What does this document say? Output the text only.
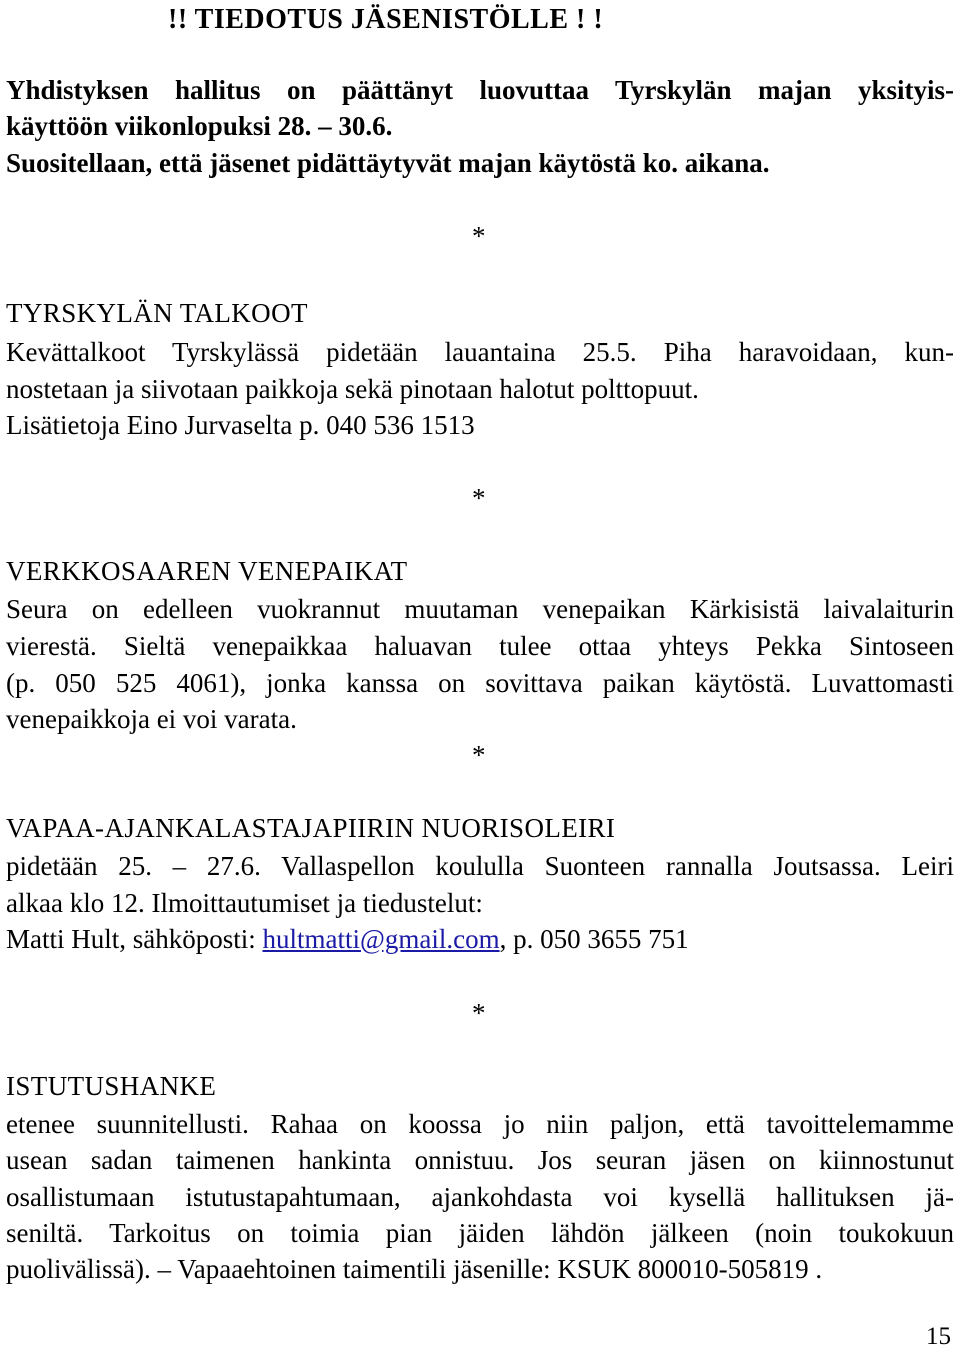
!! TIEDOTUS JÄSENISTÖLLE ! !
Yhdistyksen hallitus on päättänyt luovuttaa Tyrskylän majan yksityis-
käyttöön viikonlopuksi 28. – 30.6.
Suositellaan, että jäsenet pidättäytyvät majan käytöstä ko. aikana.
*
TYRSKYLÄN TALKOOT
Kevättalkoot Tyrskylässä pidetään lauantaina 25.5. Piha haravoidaan, kun-
nostetaan ja siivotaan paikkoja sekä pinotaan halotut polttopuut.
Lisätietoja Eino Jurvaselta p. 040 536 1513
*
VERKKOSAAREN VENEPAIKAT
Seura on edelleen vuokrannut muutaman venepaikan Kärkisistä laivalaiturin
vierestä. Sieltä venepaikkaa haluavan tulee ottaa yhteys Pekka Sintoseen
(p. 050 525 4061), jonka kanssa on sovittava paikan käytöstä. Luvattomasti
venepaikkoja ei voi varata.
*
VAPAA-AJANKALASTAJAPIIRIN NUORISOLEIRI
pidetään 25. – 27.6. Vallaspellon koululla Suonteen rannalla Joutsassa. Leiri
alkaa klo 12. Ilmoittautumiset ja tiedustelut:
Matti Hult, sähköposti: hultmatti@gmail.com, p. 050 3655 751
*
ISTUTUSHANKE
etenee suunnitellusti. Rahaa on koossa jo niin paljon, että tavoittelemamme
usean sadan taimenen hankinta onnistuu. Jos seuran jäsen on kiinnostunut
osallistumaan istutustapahtumaan, ajankohdasta voi kysellä hallituksen jä-
seniltä. Tarkoitus on toimia pian jäiden lähdön jälkeen (noin toukokuun
puolivälissä). – Vapaaehtoinen taimentili jäsenille: KSUK 800010-505819 .
15
